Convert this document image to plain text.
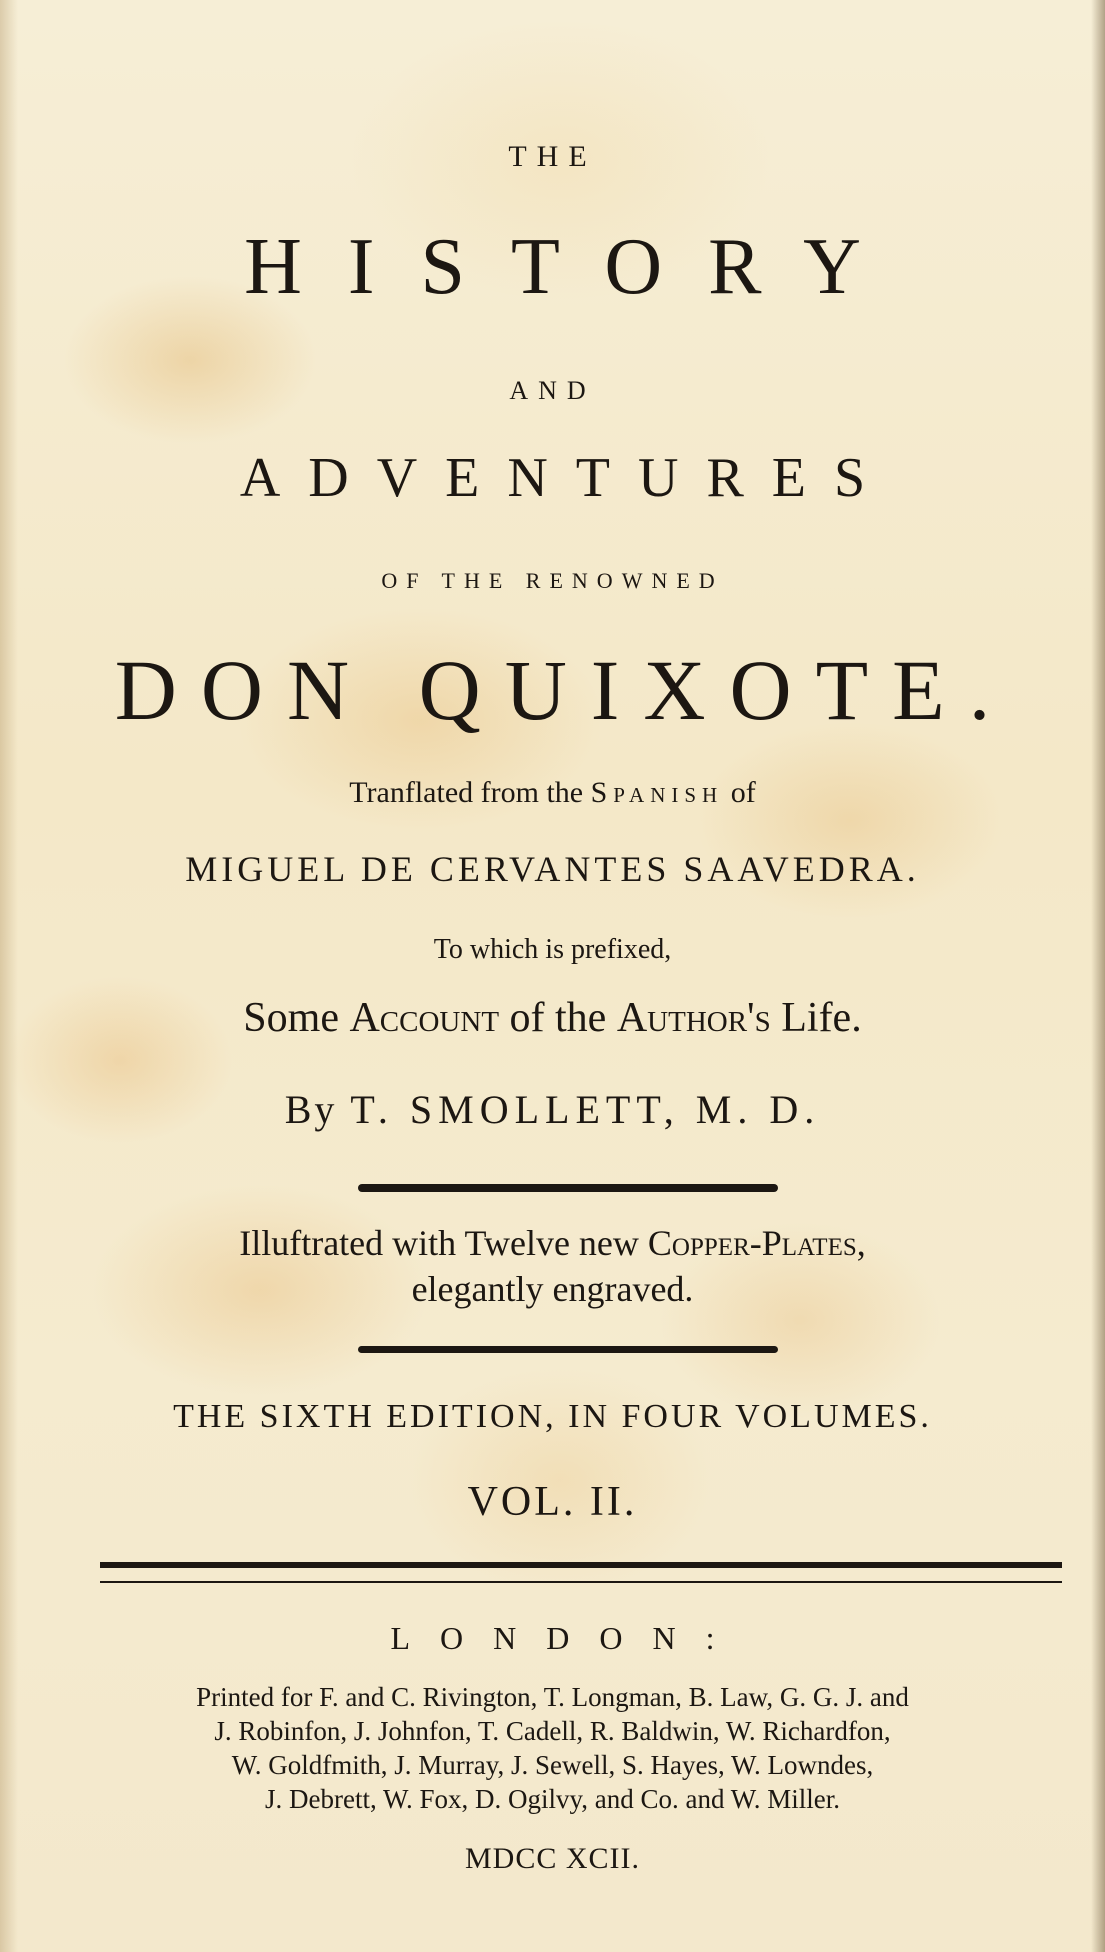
THE
HISTORY
AND
ADVENTURES
OF THE RENOWNED
DON QUIXOTE.
Tranflated from the Spanish of
MIGUEL DE CERVANTES SAAVEDRA.
To which is prefixed,
Some Account of the Author's Life.
By T. SMOLLETT, M. D.
Illuftrated with Twelve new Copper-Plates,
elegantly engraved.
THE SIXTH EDITION, IN FOUR VOLUMES.
VOL. II.
LONDON:
Printed for F. and C. Rivington, T. Longman, B. Law, G. G. J. and
J. Robinfon, J. Johnfon, T. Cadell, R. Baldwin, W. Richardfon,
W. Goldfmith, J. Murray, J. Sewell, S. Hayes, W. Lowndes,
J. Debrett, W. Fox, D. Ogilvy, and Co. and W. Miller.
MDCC XCII.
